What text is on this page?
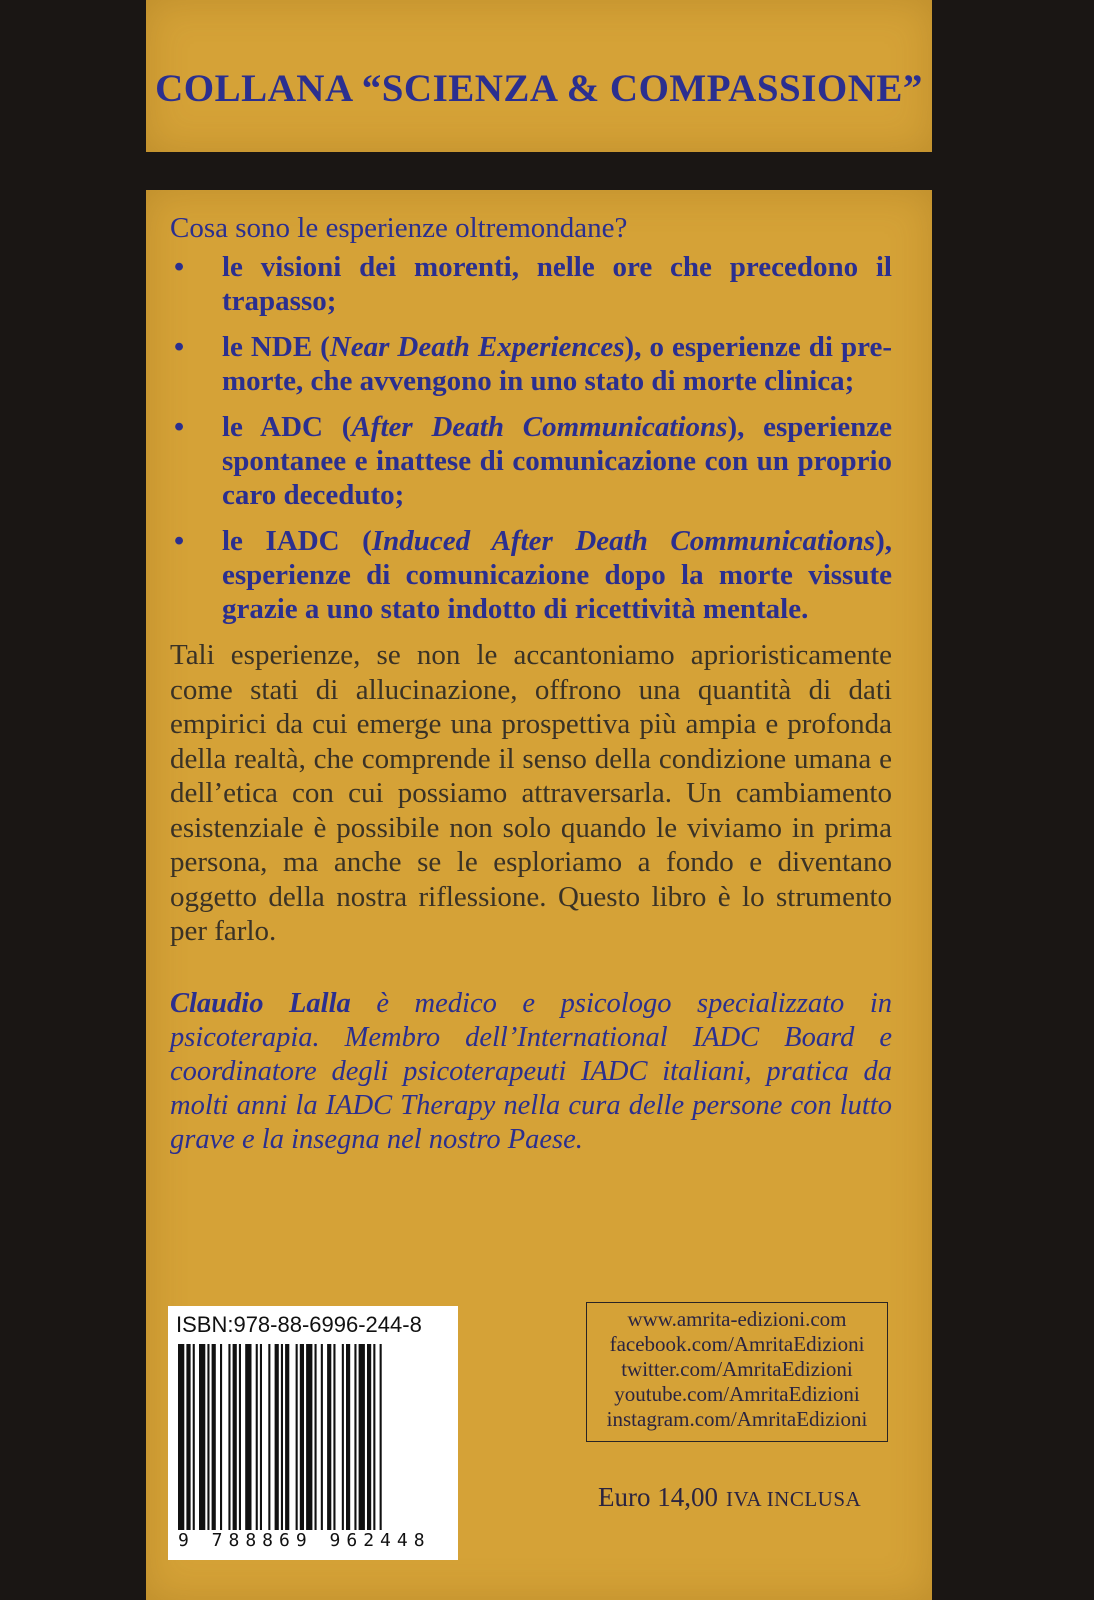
COLLANA “SCIENZA & COMPASSIONE”

Cosa sono le esperienze oltremondane?

• le visioni dei morenti, nelle ore che precedono il trapasso;
• le NDE (Near Death Experiences), o esperienze di pre-morte, che avvengono in uno stato di morte clinica;
• le ADC (After Death Communications), esperienze spontanee e inattese di comunicazione con un proprio caro deceduto;
• le IADC (Induced After Death Communications), esperienze di comunicazione dopo la morte vissute grazie a uno stato indotto di ricettività mentale.

Tali esperienze, se non le accantoniamo aprioristicamente come stati di allucinazione, offrono una quantità di dati empirici da cui emerge una prospettiva più ampia e profonda della realtà, che comprende il senso della condizione umana e dell’etica con cui possiamo attraversarla. Un cambiamento esistenziale è possibile non solo quando le viviamo in prima persona, ma anche se le esploriamo a fondo e diventano oggetto della nostra riflessione. Questo libro è lo strumento per farlo.

Claudio Lalla è medico e psicologo specializzato in psicoterapia. Membro dell’International IADC Board e coordinatore degli psicoterapeuti IADC italiani, pratica da molti anni la IADC Therapy nella cura delle persone con lutto grave e la insegna nel nostro Paese.

ISBN:978-88-6996-244-8
9 788869 962448
www.amrita-edizioni.com
facebook.com/AmritaEdizioni
twitter.com/AmritaEdizioni
youtube.com/AmritaEdizioni
instagram.com/AmritaEdizioni
Euro 14,00 IVA INCLUSA
